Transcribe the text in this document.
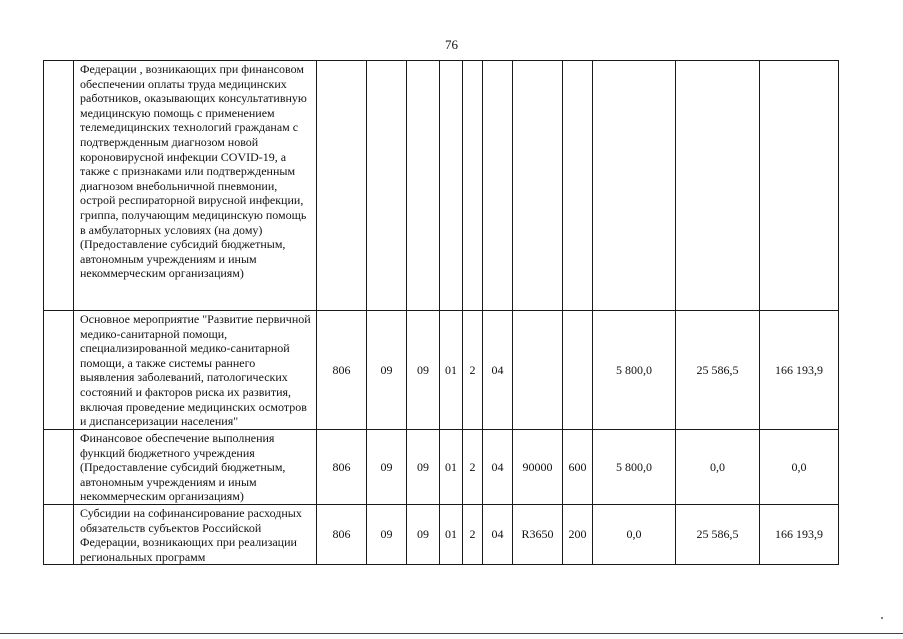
76
	Федерации , возникающих при финансовом обеспечении оплаты труда медицинских работников, оказывающих консультативную медицинскую помощь с применением телемедицинских технологий гражданам с подтвержденным диагнозом новой короновирусной инфекции COVID-19, а также с признаками или подтвержденным диагнозом внебольничной пневмонии, острой респираторной вирусной инфекции, гриппа, получающим медицинскую помощь в амбулаторных условиях (на дому) (Предоставление субсидий бюджетным, автономным учреждениям и иным некоммерческим организациям)											
	Основное мероприятие "Развитие первичной медико-санитарной помощи, специализированной медико-санитарной помощи, а также системы раннего выявления заболеваний, патологических состояний и факторов риска их развития, включая проведение медицинских осмотров и диспансеризации населения"	806	09	09	01	2	04			5 800,0	25 586,5	166 193,9
	Финансовое обеспечение выполнения функций бюджетного учреждения (Предоставление субсидий бюджетным, автономным учреждениям и иным некоммерческим организациям)	806	09	09	01	2	04	90000	600	5 800,0	0,0	0,0
	Субсидии на софинансирование расходных обязательств субъектов Российской Федерации, возникающих при реализации региональных программ	806	09	09	01	2	04	R3650	200	0,0	25 586,5	166 193,9
